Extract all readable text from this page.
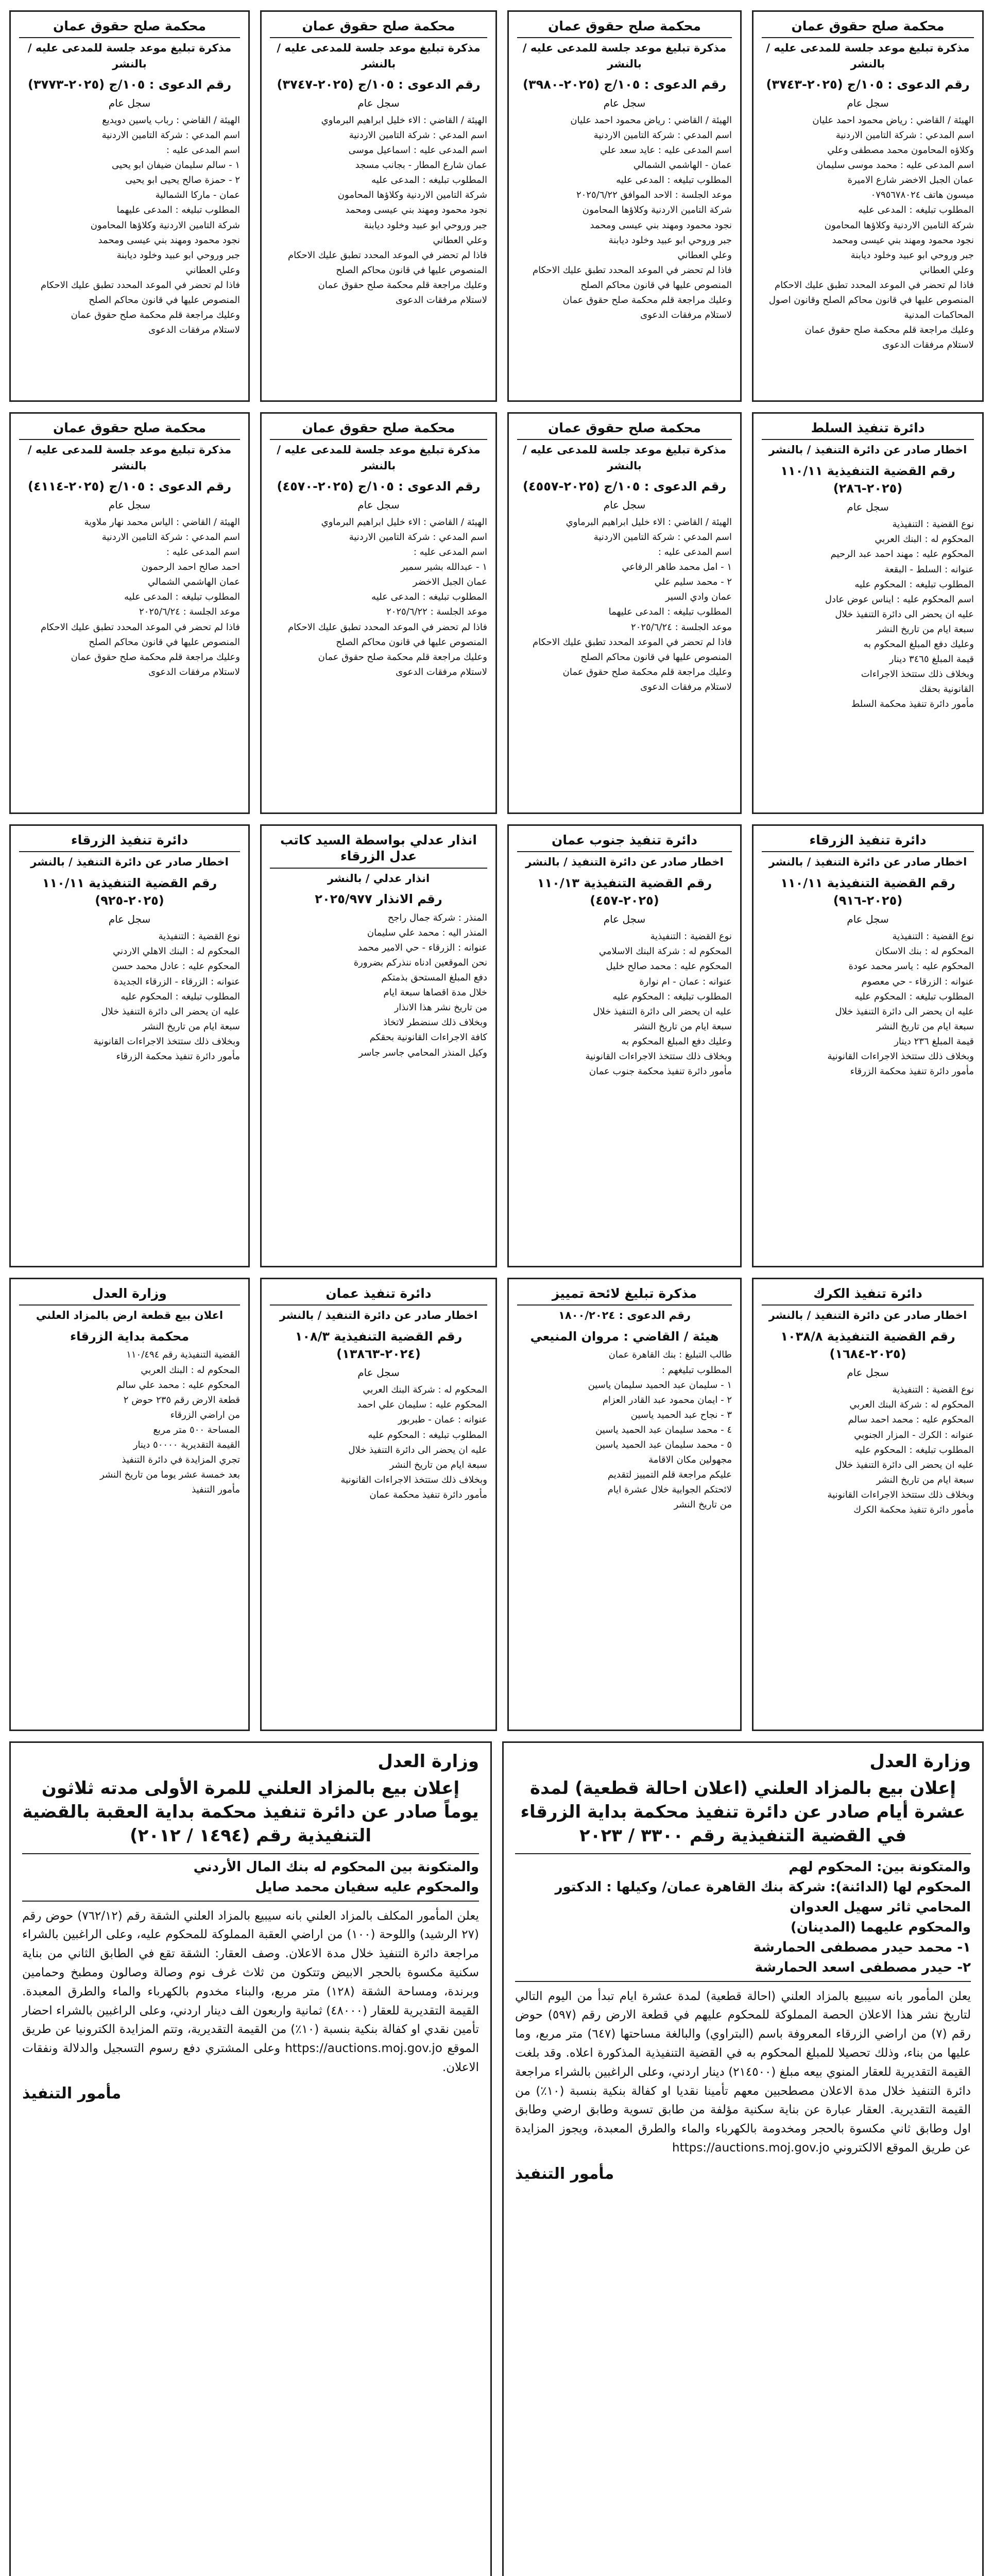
محكمة صلح حقوق عمان
مذكرة تبليغ موعد جلسة للمدعى عليه / بالنشر
رقم الدعوى : ١٠٥/ج (٢٠٢٥-٣٧٤٣)
سجل عام

الهيئة / القاضي : رياض محمود احمد عليان

اسم المدعي : شركة التامين الاردنية

وكلاؤه المحامون محمد مصطفى وعلي

اسم المدعى عليه : محمد موسى سليمان

عمان الجبل الاخضر شارع الاميرة

ميسون هاتف ٠٧٩٥٦٧٨٠٢٤

المطلوب تبليغه : المدعى عليه

شركة التامين الاردنية وكلاؤها المحامون

نجود محمود ومهند بني عيسى ومحمد

جبر وروحي ابو عبيد وخلود ديابنة

وعلي العطاني

فاذا لم تحضر في الموعد المحدد تطبق عليك الاحكام

المنصوص عليها في قانون محاكم الصلح وقانون اصول

المحاكمات المدنية

وعليك مراجعة قلم محكمة صلح حقوق عمان

لاستلام مرفقات الدعوى

محكمة صلح حقوق عمان
مذكرة تبليغ موعد جلسة للمدعى عليه / بالنشر
رقم الدعوى : ١٠٥/ج (٢٠٢٥-٣٩٨٠)
سجل عام

الهيئة / القاضي : رياض محمود احمد عليان

اسم المدعي : شركة التامين الاردنية

اسم المدعى عليه : عايد سعد علي

عمان - الهاشمي الشمالي

المطلوب تبليغه : المدعى عليه

موعد الجلسة : الاحد الموافق ٢٠٢٥/٦/٢٢

شركة التامين الاردنية وكلاؤها المحامون

نجود محمود ومهند بني عيسى ومحمد

جبر وروحي ابو عبيد وخلود ديابنة

وعلي العطاني

فاذا لم تحضر في الموعد المحدد تطبق عليك الاحكام

المنصوص عليها في قانون محاكم الصلح

وعليك مراجعة قلم محكمة صلح حقوق عمان

لاستلام مرفقات الدعوى

محكمة صلح حقوق عمان
مذكرة تبليغ موعد جلسة للمدعى عليه / بالنشر
رقم الدعوى : ١٠٥/ج (٢٠٢٥-٣٧٤٧)
سجل عام

الهيئة / القاضي : الاء خليل ابراهيم البرماوي

اسم المدعي : شركة التامين الاردنية

اسم المدعى عليه : اسماعيل موسى

عمان شارع المطار - بجانب مسجد

المطلوب تبليغه : المدعى عليه

شركة التامين الاردنية وكلاؤها المحامون

نجود محمود ومهند بني عيسى ومحمد

جبر وروحي ابو عبيد وخلود ديابنة

وعلي العطاني

فاذا لم تحضر في الموعد المحدد تطبق عليك الاحكام

المنصوص عليها في قانون محاكم الصلح

وعليك مراجعة قلم محكمة صلح حقوق عمان

لاستلام مرفقات الدعوى

محكمة صلح حقوق عمان
مذكرة تبليغ موعد جلسة للمدعى عليه / بالنشر
رقم الدعوى : ١٠٥/ج (٢٠٢٥-٣٧٧٣)
سجل عام

الهيئة / القاضي : رباب ياسين دويديع

اسم المدعي : شركة التامين الاردنية

اسم المدعى عليه :

١ - سالم سليمان ضيفان ابو يحيى

٢ - حمزة صالح يحيى ابو يحيى

عمان - ماركا الشمالية

المطلوب تبليغه : المدعى عليهما

شركة التامين الاردنية وكلاؤها المحامون

نجود محمود ومهند بني عيسى ومحمد

جبر وروحي ابو عبيد وخلود ديابنة

وعلي العطاني

فاذا لم تحضر في الموعد المحدد تطبق عليك الاحكام

المنصوص عليها في قانون محاكم الصلح

وعليك مراجعة قلم محكمة صلح حقوق عمان

لاستلام مرفقات الدعوى

دائرة تنفيذ السلط
اخطار صادر عن دائرة التنفيذ / بالنشر
رقم القضية التنفيذية ١١٠/١١ (٢٠٢٥-٢٨٦)
سجل عام

نوع القضية : التنفيذية

المحكوم له : البنك العربي

المحكوم عليه : مهند احمد عبد الرحيم

عنوانه : السلط - البقعة

المطلوب تبليغه : المحكوم عليه

اسم المحكوم عليه : ايناس عوض عادل

عليه ان يحضر الى دائرة التنفيذ خلال

سبعة ايام من تاريخ النشر

وعليك دفع المبلغ المحكوم به

قيمة المبلغ ٣٤٦٥ دينار

وبخلاف ذلك ستتخذ الاجراءات

القانونية بحقك

مأمور دائرة تنفيذ محكمة السلط

محكمة صلح حقوق عمان
مذكرة تبليغ موعد جلسة للمدعى عليه / بالنشر
رقم الدعوى : ١٠٥/ج (٢٠٢٥-٤٥٥٧)
سجل عام

الهيئة / القاضي : الاء خليل ابراهيم البرماوي

اسم المدعي : شركة التامين الاردنية

اسم المدعى عليه :

١ - امل محمد طاهر الرفاعي

٢ - محمد سليم علي

عمان وادي السير

المطلوب تبليغه : المدعى عليهما

موعد الجلسة : ٢٠٢٥/٦/٢٤

فاذا لم تحضر في الموعد المحدد تطبق عليك الاحكام

المنصوص عليها في قانون محاكم الصلح

وعليك مراجعة قلم محكمة صلح حقوق عمان

لاستلام مرفقات الدعوى

محكمة صلح حقوق عمان
مذكرة تبليغ موعد جلسة للمدعى عليه / بالنشر
رقم الدعوى : ١٠٥/ج (٢٠٢٥-٤٥٧٠)
سجل عام

الهيئة / القاضي : الاء خليل ابراهيم البرماوي

اسم المدعي : شركة التامين الاردنية

اسم المدعى عليه :

١ - عبدالله بشير سمير

عمان الجبل الاخضر

المطلوب تبليغه : المدعى عليه

موعد الجلسة : ٢٠٢٥/٦/٢٢

فاذا لم تحضر في الموعد المحدد تطبق عليك الاحكام

المنصوص عليها في قانون محاكم الصلح

وعليك مراجعة قلم محكمة صلح حقوق عمان

لاستلام مرفقات الدعوى

محكمة صلح حقوق عمان
مذكرة تبليغ موعد جلسة للمدعى عليه / بالنشر
رقم الدعوى : ١٠٥/ج (٢٠٢٥-٤١١٤)
سجل عام

الهيئة / القاضي : الياس محمد نهار ملاوية

اسم المدعي : شركة التامين الاردنية

اسم المدعى عليه :

احمد صالح احمد الرحمون

عمان الهاشمي الشمالي

المطلوب تبليغه : المدعى عليه

موعد الجلسة : ٢٠٢٥/٦/٢٤

فاذا لم تحضر في الموعد المحدد تطبق عليك الاحكام

المنصوص عليها في قانون محاكم الصلح

وعليك مراجعة قلم محكمة صلح حقوق عمان

لاستلام مرفقات الدعوى

دائرة تنفيذ الزرقاء
اخطار صادر عن دائرة التنفيذ / بالنشر
رقم القضية التنفيذية ١١٠/١١ (٢٠٢٥-٩١٦)
سجل عام

نوع القضية : التنفيذية

المحكوم له : بنك الاسكان

المحكوم عليه : ياسر محمد عودة

عنوانه : الزرقاء - حي معصوم

المطلوب تبليغه : المحكوم عليه

عليه ان يحضر الى دائرة التنفيذ خلال

سبعة ايام من تاريخ النشر

قيمة المبلغ ٢٣٦ دينار

وبخلاف ذلك ستتخذ الاجراءات القانونية

مأمور دائرة تنفيذ محكمة الزرقاء

دائرة تنفيذ جنوب عمان
اخطار صادر عن دائرة التنفيذ / بالنشر
رقم القضية التنفيذية ١١٠/١٣ (٢٠٢٥-٤٥٧)
سجل عام

نوع القضية : التنفيذية

المحكوم له : شركة البنك الاسلامي

المحكوم عليه : محمد صالح خليل

عنوانه : عمان - ام نوارة

المطلوب تبليغه : المحكوم عليه

عليه ان يحضر الى دائرة التنفيذ خلال

سبعة ايام من تاريخ النشر

وعليك دفع المبلغ المحكوم به

وبخلاف ذلك ستتخذ الاجراءات القانونية

مأمور دائرة تنفيذ محكمة جنوب عمان

انذار عدلي بواسطة السيد كاتب عدل الزرقاء
انذار عدلي / بالنشر
رقم الانذار ٢٠٢٥/٩٧٧

المنذر : شركة جمال راجح

المنذر اليه : محمد علي سليمان

عنوانه : الزرقاء - حي الامير محمد

نحن الموقعين ادناه ننذركم بضرورة

دفع المبلغ المستحق بذمتكم

خلال مدة اقصاها سبعة ايام

من تاريخ نشر هذا الانذار

وبخلاف ذلك سنضطر لاتخاذ

كافة الاجراءات القانونية بحقكم

وكيل المنذر المحامي جاسر جاسر

دائرة تنفيذ الزرقاء
اخطار صادر عن دائرة التنفيذ / بالنشر
رقم القضية التنفيذية ١١٠/١١ (٢٠٢٥-٩٢٥)
سجل عام

نوع القضية : التنفيذية

المحكوم له : البنك الاهلي الاردني

المحكوم عليه : عادل محمد حسن

عنوانه : الزرقاء - الزرقاء الجديدة

المطلوب تبليغه : المحكوم عليه

عليه ان يحضر الى دائرة التنفيذ خلال

سبعة ايام من تاريخ النشر

وبخلاف ذلك ستتخذ الاجراءات القانونية

مأمور دائرة تنفيذ محكمة الزرقاء

دائرة تنفيذ الكرك
اخطار صادر عن دائرة التنفيذ / بالنشر
رقم القضية التنفيذية ١٠٣٨/٨ (٢٠٢٥-١٦٨٤)
سجل عام

نوع القضية : التنفيذية

المحكوم له : شركة البنك العربي

المحكوم عليه : محمد احمد سالم

عنوانه : الكرك - المزار الجنوبي

المطلوب تبليغه : المحكوم عليه

عليه ان يحضر الى دائرة التنفيذ خلال

سبعة ايام من تاريخ النشر

وبخلاف ذلك ستتخذ الاجراءات القانونية

مأمور دائرة تنفيذ محكمة الكرك

مذكرة تبليغ لائحة تمييز
رقم الدعوى : ١٨٠٠/٢٠٢٤
هيئة / القاضي : مروان المنيعي

طالب التبليغ : بنك القاهرة عمان

المطلوب تبليغهم :

١ - سليمان عبد الحميد سليمان ياسين

٢ - ايمان محمود عبد القادر العزام

٣ - نجاح عبد الحميد ياسين

٤ - محمد سليمان عبد الحميد ياسين

٥ - محمد سليمان عبد الحميد ياسين

مجهولين مكان الاقامة

عليكم مراجعة قلم التمييز لتقديم

لائحتكم الجوابية خلال عشرة ايام

من تاريخ النشر

دائرة تنفيذ عمان
اخطار صادر عن دائرة التنفيذ / بالنشر
رقم القضية التنفيذية ١٠٨/٣ (٢٠٢٤-١٣٨٦٣)
سجل عام

المحكوم له : شركة البنك العربي

المحكوم عليه : سليمان علي احمد

عنوانه : عمان - طبربور

المطلوب تبليغه : المحكوم عليه

عليه ان يحضر الى دائرة التنفيذ خلال

سبعة ايام من تاريخ النشر

وبخلاف ذلك ستتخذ الاجراءات القانونية

مأمور دائرة تنفيذ محكمة عمان

وزارة العدل
اعلان بيع قطعة ارض بالمزاد العلني
محكمة بداية الزرقاء

القضية التنفيذية رقم ١١٠/٤٩٤

المحكوم له : البنك العربي

المحكوم عليه : محمد علي سالم

قطعة الارض رقم ٢٣٥ حوض ٢

من اراضي الزرقاء

المساحة ٥٠٠ متر مربع

القيمة التقديرية ٥٠٠٠٠ دينار

تجري المزايدة في دائرة التنفيذ

بعد خمسة عشر يوما من تاريخ النشر

مأمور التنفيذ

وزارة العدل
إعلان بيع بالمزاد العلني (اعلان احالة قطعية) لمدة عشرة أيام صادر عن دائرة تنفيذ محكمة بداية الزرقاء في القضية التنفيذية رقم ٣٣٠٠ / ٢٠٢٣
والمتكونة بين: المحكوم لهم
المحكوم لها (الدائنة): شركة بنك القاهرة عمان/ وكيلها : الدكتور المحامي ثائر سهيل العدوان
والمحكوم عليهما (المدينان)
١- محمد حيدر مصطفى الحمارشة
٢- حيدر مصطفى اسعد الحمارشة
يعلن المأمور بانه سيبيع بالمزاد العلني (احالة قطعية) لمدة عشرة ايام تبدأ من اليوم التالي لتاريخ نشر هذا الاعلان الحصة المملوكة للمحكوم عليهم في قطعة الارض رقم (٥٩٧) حوض رقم (٧) من اراضي الزرقاء المعروفة باسم (البتراوي) والبالغة مساحتها (٦٤٧) متر مربع، وما عليها من بناء، وذلك تحصيلا للمبلغ المحكوم به في القضية التنفيذية المذكورة اعلاه. وقد بلغت القيمة التقديرية للعقار المنوي بيعه مبلغ (٢١٤٥٠٠) دينار اردني، وعلى الراغبين بالشراء مراجعة دائرة التنفيذ خلال مدة الاعلان مصطحبين معهم تأمينا نقديا او كفالة بنكية بنسبة (١٠٪) من القيمة التقديرية. العقار عبارة عن بناية سكنية مؤلفة من طابق تسوية وطابق ارضي وطابق اول وطابق ثاني مكسوة بالحجر ومخدومة بالكهرباء والماء والطرق المعبدة، ويجوز المزايدة عن طريق الموقع الالكتروني https://auctions.moj.gov.jo
مأمور التنفيذ
وزارة العدل
إعلان بيع بالمزاد العلني للمرة الأولى مدته ثلاثون يوماً صادر عن دائرة تنفيذ محكمة بداية العقبة بالقضية التنفيذية رقم (١٤٩٤ / ٢٠١٢)
والمتكونة بين المحكوم له بنك المال الأردني
والمحكوم عليه سفيان محمد صايل
يعلن المأمور المكلف بالمزاد العلني بانه سيبيع بالمزاد العلني الشقة رقم (٧٦٢/١٢) حوض رقم (٢٧ الرشيد) واللوحة (١٠٠) من اراضي العقبة المملوكة للمحكوم عليه، وعلى الراغبين بالشراء مراجعة دائرة التنفيذ خلال مدة الاعلان. وصف العقار: الشقة تقع في الطابق الثاني من بناية سكنية مكسوة بالحجر الابيض وتتكون من ثلاث غرف نوم وصالة وصالون ومطبخ وحمامين وبرندة، ومساحة الشقة (١٢٨) متر مربع، والبناء مخدوم بالكهرباء والماء والطرق المعبدة. القيمة التقديرية للعقار (٤٨٠٠٠) ثمانية واربعون الف دينار اردني، وعلى الراغبين بالشراء احضار تأمين نقدي او كفالة بنكية بنسبة (١٠٪) من القيمة التقديرية، وتتم المزايدة الكترونيا عن طريق الموقع https://auctions.moj.gov.jo وعلى المشتري دفع رسوم التسجيل والدلالة ونفقات الاعلان.
مأمور التنفيذ
